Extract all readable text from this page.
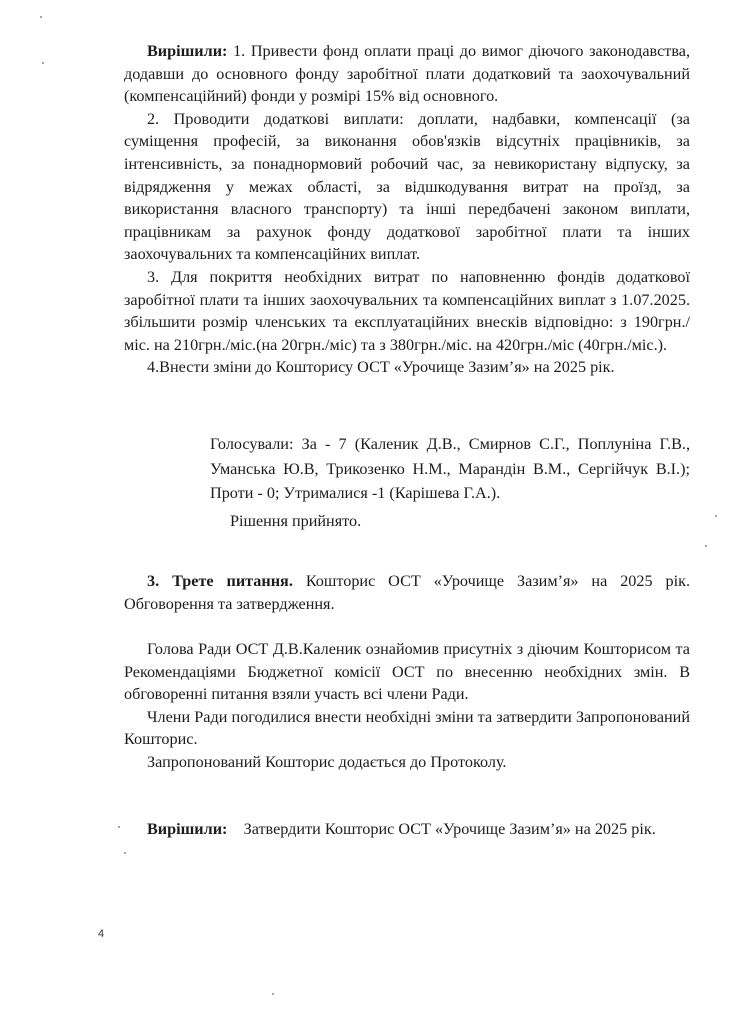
Вирішили: 1. Привести фонд оплати праці до вимог діючого законодавства, додавши до основного фонду заробітної плати додатковий та заохочувальний (компенсаційний) фонди у розмірі 15% від основного.
2. Проводити додаткові виплати: доплати, надбавки, компенсації (за суміщення професій, за виконання обов'язків відсутніх працівників, за інтенсивність, за понаднормовий робочий час, за невикористану відпуску, за відрядження у межах області, за відшкодування витрат на проїзд, за використання власного транспорту) та інші передбачені законом виплати, працівникам за рахунок фонду додаткової заробітної плати та інших заохочувальних та компенсаційних виплат.
3. Для покриття необхідних витрат по наповненню фондів додаткової заробітної плати та інших заохочувальних та компенсаційних виплат з 1.07.2025. збільшити розмір членських та експлуатаційних внесків відповідно: з 190грн./міс. на 210грн./міс.(на 20грн./міс) та з 380грн./міс. на 420грн./міс (40грн./міс.).
4.Внести зміни до Кошторису ОСТ «Урочище Зазим’я» на 2025 рік.
Голосували: За - 7 (Каленик Д.В., Смирнов С.Г., Поплуніна Г.В., Уманська Ю.В, Трикозенко Н.М., Марандін В.М., Сергійчук В.І.); Проти - 0; Утрималися -1 (Карішева Г.А.).
Рішення прийнято.
3. Трете питання. Кошторис ОСТ «Урочище Зазим’я» на 2025 рік. Обговорення та затвердження.
Голова Ради ОСТ Д.В.Каленик ознайомив присутніх з діючим Кошторисом та Рекомендаціями Бюджетної комісії ОСТ по внесенню необхідних змін. В обговоренні питання взяли участь всі члени Ради.
Члени Ради погодилися внести необхідні зміни та затвердити Запропонований Кошторис.
Запропонований Кошторис додається до Протоколу.
Вирішили: Затвердити Кошторис ОСТ «Урочище Зазим’я» на 2025 рік.
4
